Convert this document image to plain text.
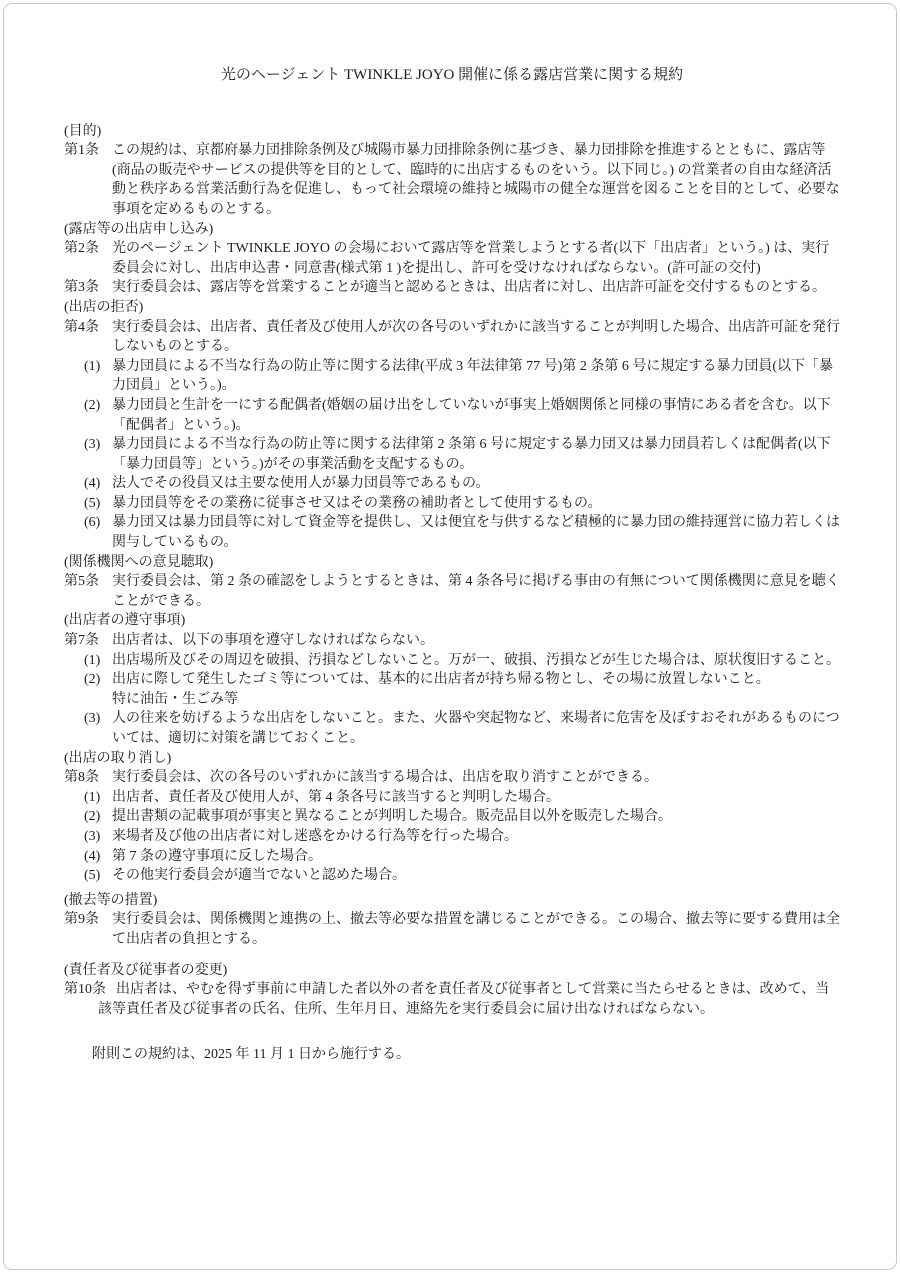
光のヘージェント TWINKLE JOYO 開催に係る露店営業に関する規約

(目的)

第1条 この規約は、京都府暴力団排除条例及び城陽市暴力団排除条例に基づき、暴力団排除を推進するとともに、露店等(商品の販売やサービスの提供等を目的として、臨時的に出店するものをいう。以下同じ。) の営業者の自由な経済活動と秩序ある営業活動行為を促進し、もって社会環境の維持と城陽市の健全な運営を図ることを目的として、必要な事項を定めるものとする。

(露店等の出店申し込み)

第2条 光のページェント TWINKLE JOYO の会場において露店等を営業しようとする者(以下「出店者」という。) は、実行委員会に対し、出店申込書・同意書(様式第 1 )を提出し、許可を受けなければならない。(許可証の交付)

第3条 実行委員会は、露店等を営業することが適当と認めるときは、出店者に対し、出店許可証を交付するものとする。

(出店の拒否)

第4条 実行委員会は、出店者、責任者及び使用人が次の各号のいずれかに該当することが判明した場合、出店許可証を発行しないものとする。

(1) 暴力団員による不当な行為の防止等に関する法律(平成 3 年法律第 77 号)第 2 条第 6 号に規定する暴力団員(以下「暴力団員」という。)。

(2) 暴力団員と生計を一にする配偶者(婚姻の届け出をしていないが事実上婚姻関係と同様の事情にある者を含む。以下「配偶者」という。)。

(3) 暴力団員による不当な行為の防止等に関する法律第 2 条第 6 号に規定する暴力団又は暴力団員若しくは配偶者(以下「暴力団員等」という。)がその事業活動を支配するもの。

(4) 法人でその役員又は主要な使用人が暴力団員等であるもの。

(5) 暴力団員等をその業務に従事させ又はその業務の補助者として使用するもの。

(6) 暴力団又は暴力団員等に対して資金等を提供し、又は便宜を与供するなど積極的に暴力団の維持運営に協力若しくは関与しているもの。

(関係機関への意見聴取)

第5条 実行委員会は、第 2 条の確認をしようとするときは、第 4 条各号に掲げる事由の有無について関係機関に意見を聴くことができる。

(出店者の遵守事項)

第7条 出店者は、以下の事項を遵守しなければならない。

(1) 出店場所及びその周辺を破損、汚損などしないこと。万が一、破損、汚損などが生じた場合は、原状復旧すること。

(2) 出店に際して発生したゴミ等については、基本的に出店者が持ち帰る物とし、その場に放置しないこと。

特に油缶・生ごみ等

(3) 人の往来を妨げるような出店をしないこと。また、火器や突起物など、来場者に危害を及ぼすおそれがあるものについては、適切に対策を講じておくこと。

(出店の取り消し)

第8条 実行委員会は、次の各号のいずれかに該当する場合は、出店を取り消すことができる。

(1) 出店者、責任者及び使用人が、第 4 条各号に該当すると判明した場合。

(2) 提出書類の記載事項が事実と異なることが判明した場合。販売品目以外を販売した場合。

(3) 来場者及び他の出店者に対し迷惑をかける行為等を行った場合。

(4) 第 7 条の遵守事項に反した場合。

(5) その他実行委員会が適当でないと認めた場合。

(撤去等の措置)

第9条 実行委員会は、関係機関と連携の上、撤去等必要な措置を講じることができる。この場合、撤去等に要する費用は全て出店者の負担とする。

(責任者及び従事者の変更)

第10条 出店者は、やむを得ず事前に申請した者以外の者を責任者及び従事者として営業に当たらせるときは、改めて、当該等責任者及び従事者の氏名、住所、生年月日、連絡先を実行委員会に届け出なければならない。

附則この規約は、2025 年 11 月 1 日から施行する。
